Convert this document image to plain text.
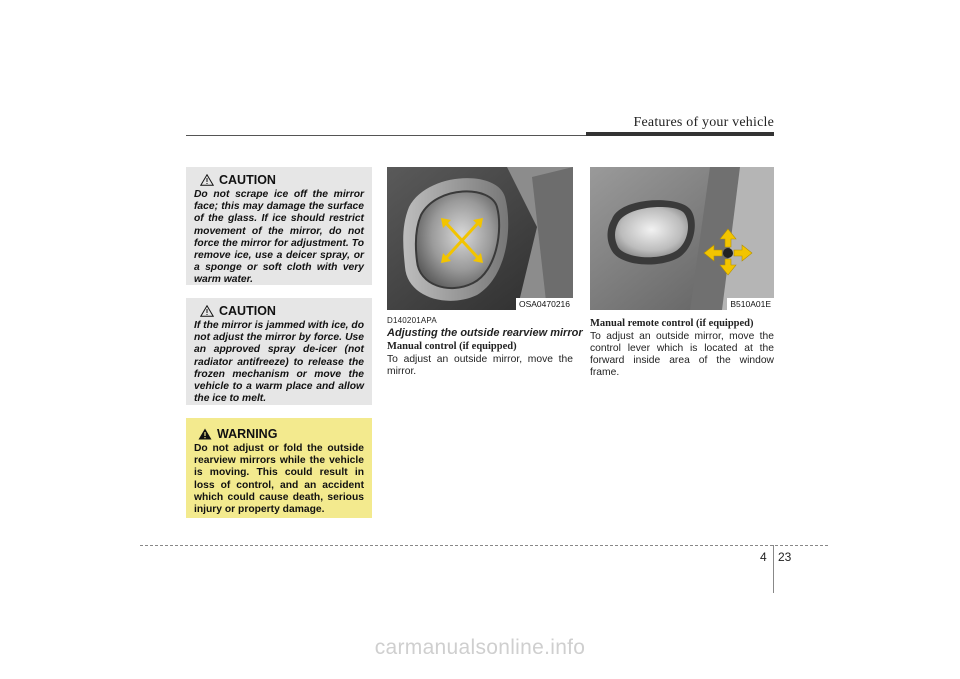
Features of your vehicle
CAUTION
Do not scrape ice off the mirror face; this may damage the surface of the glass. If ice should restrict movement of the mirror, do not force the mirror for adjustment. To remove ice, use a deicer spray, or a sponge or soft cloth with very warm water.
CAUTION
If the mirror is jammed with ice, do not adjust the mirror by force. Use an approved spray de-icer (not radiator antifreeze) to release the frozen mechanism or move the vehicle to a warm place and allow the ice to melt.
WARNING
Do not adjust or fold the outside rearview mirrors while the vehicle is moving. This could result in loss of control, and an accident which could cause death, serious injury or property damage.
OSA0470216	B510A01E
D140201APA
Adjusting the outside rearview mirror
Manual control (if equipped)
To adjust an outside mirror, move the mirror.
Manual remote control (if equipped)
To adjust an outside mirror, move the control lever which is located at the forward inside area of the window frame.
4 23
carmanualsonline.info
